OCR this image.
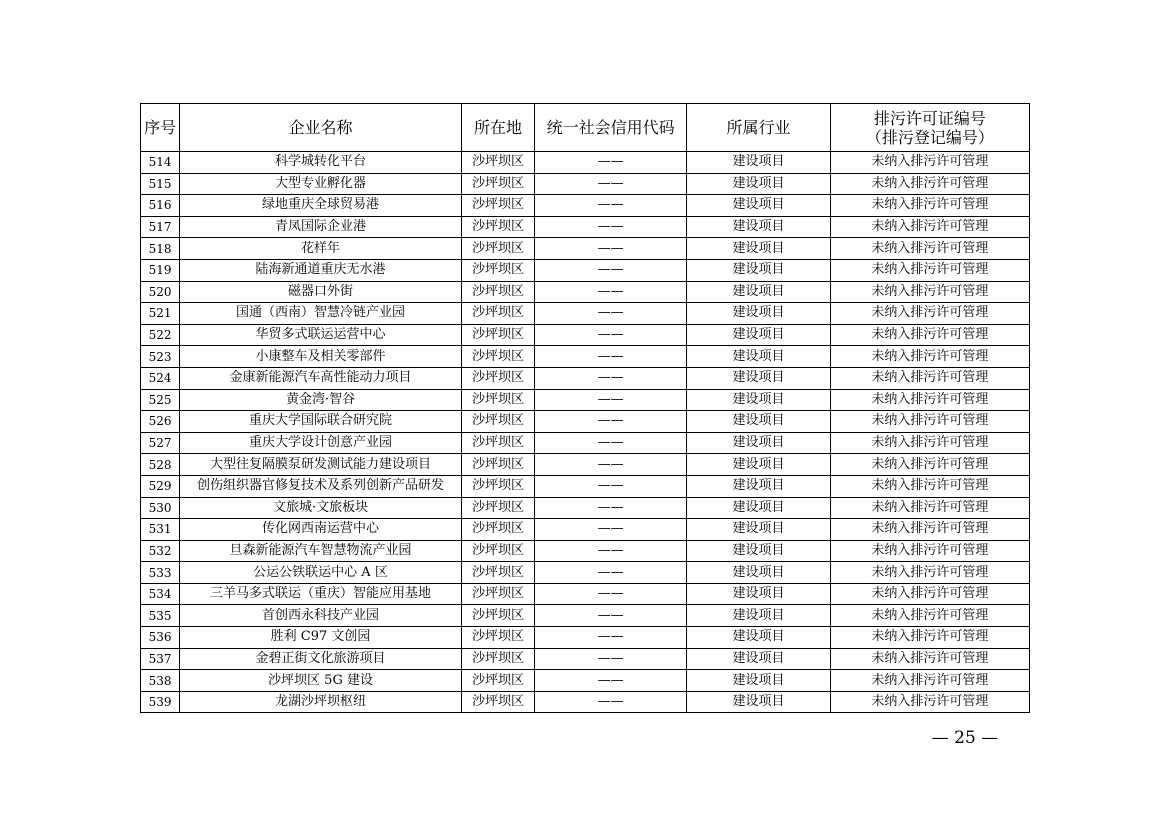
序号	企业名称	所在地	统一社会信用代码	所属行业	排污许可证编号
（排污登记编号）

514	科学城转化平台	沙坪坝区	——	建设项目	未纳入排污许可管理
515	大型专业孵化器	沙坪坝区	——	建设项目	未纳入排污许可管理
516	绿地重庆全球贸易港	沙坪坝区	——	建设项目	未纳入排污许可管理
517	青凤国际企业港	沙坪坝区	——	建设项目	未纳入排污许可管理
518	花样年	沙坪坝区	——	建设项目	未纳入排污许可管理
519	陆海新通道重庆无水港	沙坪坝区	——	建设项目	未纳入排污许可管理
520	磁器口外街	沙坪坝区	——	建设项目	未纳入排污许可管理
521	国通（西南）智慧冷链产业园	沙坪坝区	——	建设项目	未纳入排污许可管理
522	华贸多式联运运营中心	沙坪坝区	——	建设项目	未纳入排污许可管理
523	小康整车及相关零部件	沙坪坝区	——	建设项目	未纳入排污许可管理
524	金康新能源汽车高性能动力项目	沙坪坝区	——	建设项目	未纳入排污许可管理
525	黄金湾·智谷	沙坪坝区	——	建设项目	未纳入排污许可管理
526	重庆大学国际联合研究院	沙坪坝区	——	建设项目	未纳入排污许可管理
527	重庆大学设计创意产业园	沙坪坝区	——	建设项目	未纳入排污许可管理
528	大型往复隔膜泵研发测试能力建设项目	沙坪坝区	——	建设项目	未纳入排污许可管理
529	创伤组织器官修复技术及系列创新产品研发	沙坪坝区	——	建设项目	未纳入排污许可管理
530	文旅城·文旅板块	沙坪坝区	——	建设项目	未纳入排污许可管理
531	传化网西南运营中心	沙坪坝区	——	建设项目	未纳入排污许可管理
532	旦森新能源汽车智慧物流产业园	沙坪坝区	——	建设项目	未纳入排污许可管理
533	公运公铁联运中心 A 区	沙坪坝区	——	建设项目	未纳入排污许可管理
534	三羊马多式联运（重庆）智能应用基地	沙坪坝区	——	建设项目	未纳入排污许可管理
535	首创西永科技产业园	沙坪坝区	——	建设项目	未纳入排污许可管理
536	胜利 C97 文创园	沙坪坝区	——	建设项目	未纳入排污许可管理
537	金碧正街文化旅游项目	沙坪坝区	——	建设项目	未纳入排污许可管理
538	沙坪坝区 5G 建设	沙坪坝区	——	建设项目	未纳入排污许可管理
539	龙湖沙坪坝枢纽	沙坪坝区	——	建设项目	未纳入排污许可管理
— 25 —
